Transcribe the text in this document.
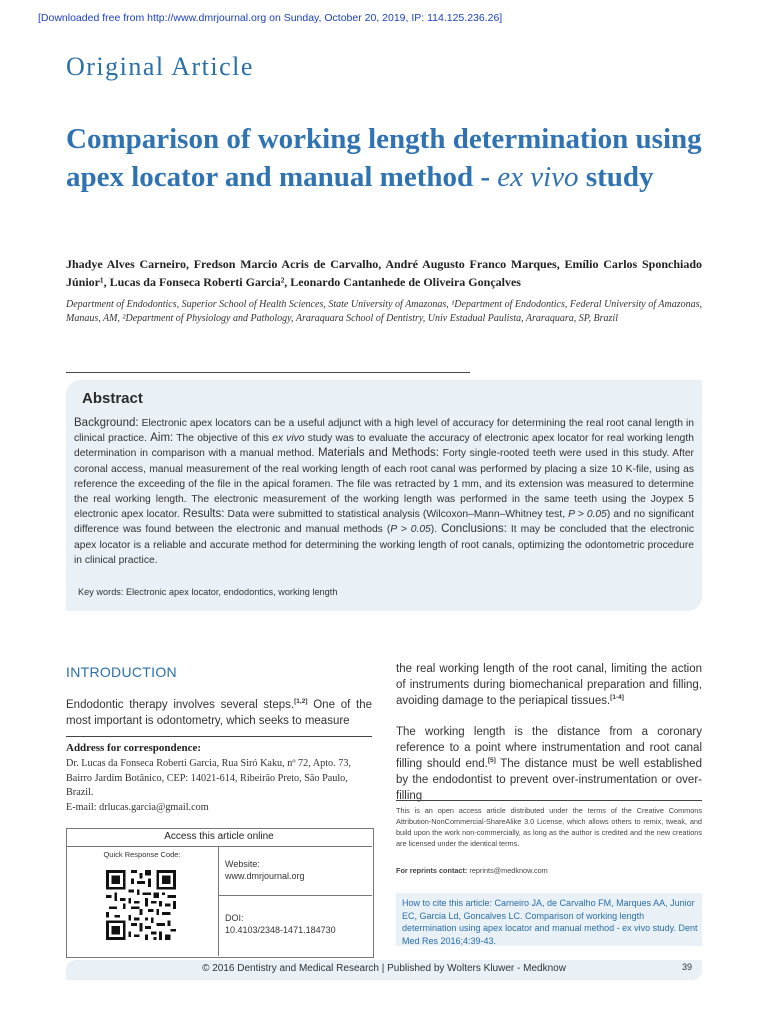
[Downloaded free from http://www.dmrjournal.org on Sunday, October 20, 2019, IP: 114.125.236.26]
Original Article
Comparison of working length determination using apex locator and manual method - ex vivo study
Jhadye Alves Carneiro, Fredson Marcio Acris de Carvalho, André Augusto Franco Marques, Emílio Carlos Sponchiado Júnior¹, Lucas da Fonseca Roberti Garcia², Leonardo Cantanhede de Oliveira Gonçalves
Department of Endodontics, Superior School of Health Sciences, State University of Amazonas, ¹Department of Endodontics, Federal University of Amazonas, Manaus, AM, ²Department of Physiology and Pathology, Araraquara School of Dentistry, Univ Estadual Paulista, Araraquara, SP, Brazil
Abstract
Background: Electronic apex locators can be a useful adjunct with a high level of accuracy for determining the real root canal length in clinical practice. Aim: The objective of this ex vivo study was to evaluate the accuracy of electronic apex locator for real working length determination in comparison with a manual method. Materials and Methods: Forty single-rooted teeth were used in this study. After coronal access, manual measurement of the real working length of each root canal was performed by placing a size 10 K-file, using as reference the exceeding of the file in the apical foramen. The file was retracted by 1 mm, and its extension was measured to determine the real working length. The electronic measurement of the working length was performed in the same teeth using the Joypex 5 electronic apex locator. Results: Data were submitted to statistical analysis (Wilcoxon–Mann–Whitney test, P > 0.05) and no significant difference was found between the electronic and manual methods (P > 0.05). Conclusions: It may be concluded that the electronic apex locator is a reliable and accurate method for determining the working length of root canals, optimizing the odontometric procedure in clinical practice.
Key words: Electronic apex locator, endodontics, working length
INTRODUCTION
Endodontic therapy involves several steps.[1,2] One of the most important is odontometry, which seeks to measure
Address for correspondence:
Dr. Lucas da Fonseca Roberti Garcia, Rua Siró Kaku, nº 72, Apto. 73, Bairro Jardim Botânico, CEP: 14021-614, Ribeirão Preto, São Paulo, Brazil.
E-mail: drlucas.garcia@gmail.com
Access this article online
Quick Response Code:
Website:
www.dmrjournal.org
DOI:
10.4103/2348-1471.184730
the real working length of the root canal, limiting the action of instruments during biomechanical preparation and filling, avoiding damage to the periapical tissues.[1-4]
The working length is the distance from a coronary reference to a point where instrumentation and root canal filling should end.[5] The distance must be well established by the endodontist to prevent over-instrumentation or over-filling
This is an open access article distributed under the terms of the Creative Commons Attribution-NonCommercial-ShareAlike 3.0 License, which allows others to remix, tweak, and build upon the work non-commercially, as long as the author is credited and the new creations are licensed under the identical terms.
For reprints contact: reprints@medknow.com
How to cite this article: Carneiro JA, de Carvalho FM, Marques AA, Junior EC, Garcia Ld, Goncalves LC. Comparison of working length determination using apex locator and manual method - ex vivo study. Dent Med Res 2016;4:39-43.
© 2016 Dentistry and Medical Research | Published by Wolters Kluwer - Medknow	39
